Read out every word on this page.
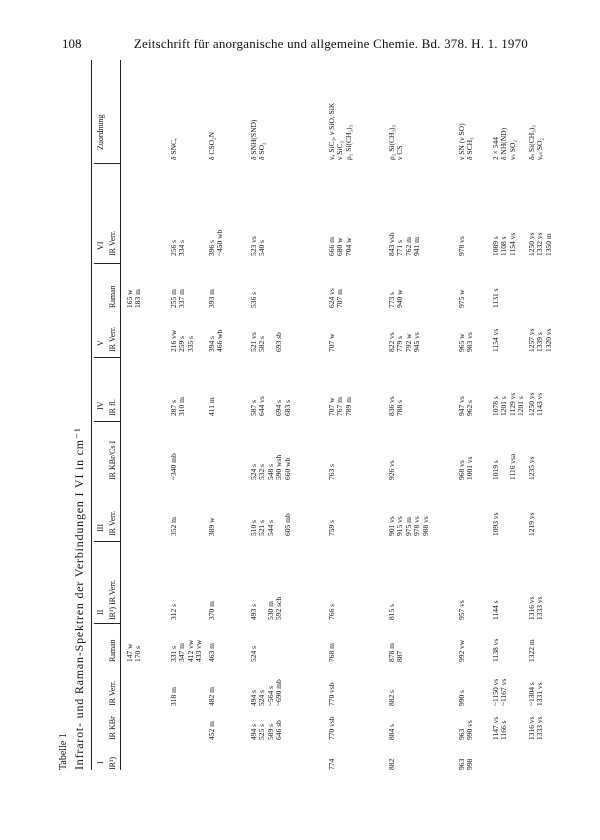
108	Zeitschrift für anorganische und allgemeine Chemie. Bd. 378. H. 1. 1970
Tabelle 1 Infrarot- und Raman-Spektren der Verbindungen I VI in cm⁻¹ I
II
III
IV
V
VI
Zuordnung
IR¹)
IR KBr
IR Verr.
Raman
IR¹) IR Verr.
IR Verr.
IR KBr/Cs I
IR fl.
IR Verr.
Raman
IR Verr.
147 w 170 s
165 w 183 m
318 m
331 s 347 m 412 vw 433 vw
312 s
352 m
~340 mb
287 s 310 m
216 vw 259 s 335 s
255 m 337 m
256 s 334 s
δ SNC,
452 m
482 m
463 m
370 m
389 w
411 m
394 s 466 wb
393 m
396 s ~450 wb
δ CSO₂N
494 s 525 s 589 s 646 sb
494 s 524 s ~564 s ~690 mb
524 s
493 s 530 m 592 sch
510 s 521 s 544 s 605 mb
524 s 532 s 548 s 590 wsh 660 wb
587 s 644 vs 694 s 683 s
521 vs 582 s 693 sb
536 s
523 vs 540 s
δ SNH(SND) δ SO₂
774
770 vsb
770 vsb
768 m
766 s
759 s
763 s
707 w 767 m 789 m
707 w
624 vs 707 m
666 m 680 w 704 w
νₐ SiC₃, ν SiO, SiK ν SiC₃ ρ₁ Si(CH₃)₃
882
884 s
882 s
878 m 887
815 s
901 vs 915 vs 975 m 978 vs 988 vs
926 vs
836 vs 788 s
822 vs 779 s 792 w 945 vs
773 s 940 w
843 vsb 771 s 762 m 941 m
ρ₂ Si(CH₃)₃ ν CS
963 998
963 990 vs
990 s
992 vw
957 vs
968 vs 1001 vs
947 vs 962 s
965 w 983 vs
975 w
978 vs
ν SN (ν SO) δ SCH₃
1147 vs 1166 s
~1150 vs ~1167 vs
1138 vs
1144 s
1093 vs
1019 s 1116 vsa
1078 s 1201 s 1129 vs 1201 s
1154 vs
1131 s
1089 s 1108 s 1154 vs
2 × 544 δ NH(ND) νₛ SO₂
1316 vs 1333 vs
~1304 s 1331 vs
1322 m
1316 vs 1333 vs
1219 vs
1235 vs
1250 vs 1143 vs
1257 vs 1339 s 1320 vs
1250 vs 1332 vs 1350 m
δₛ Si(CH₃)₃ νₐₛ SO₂
